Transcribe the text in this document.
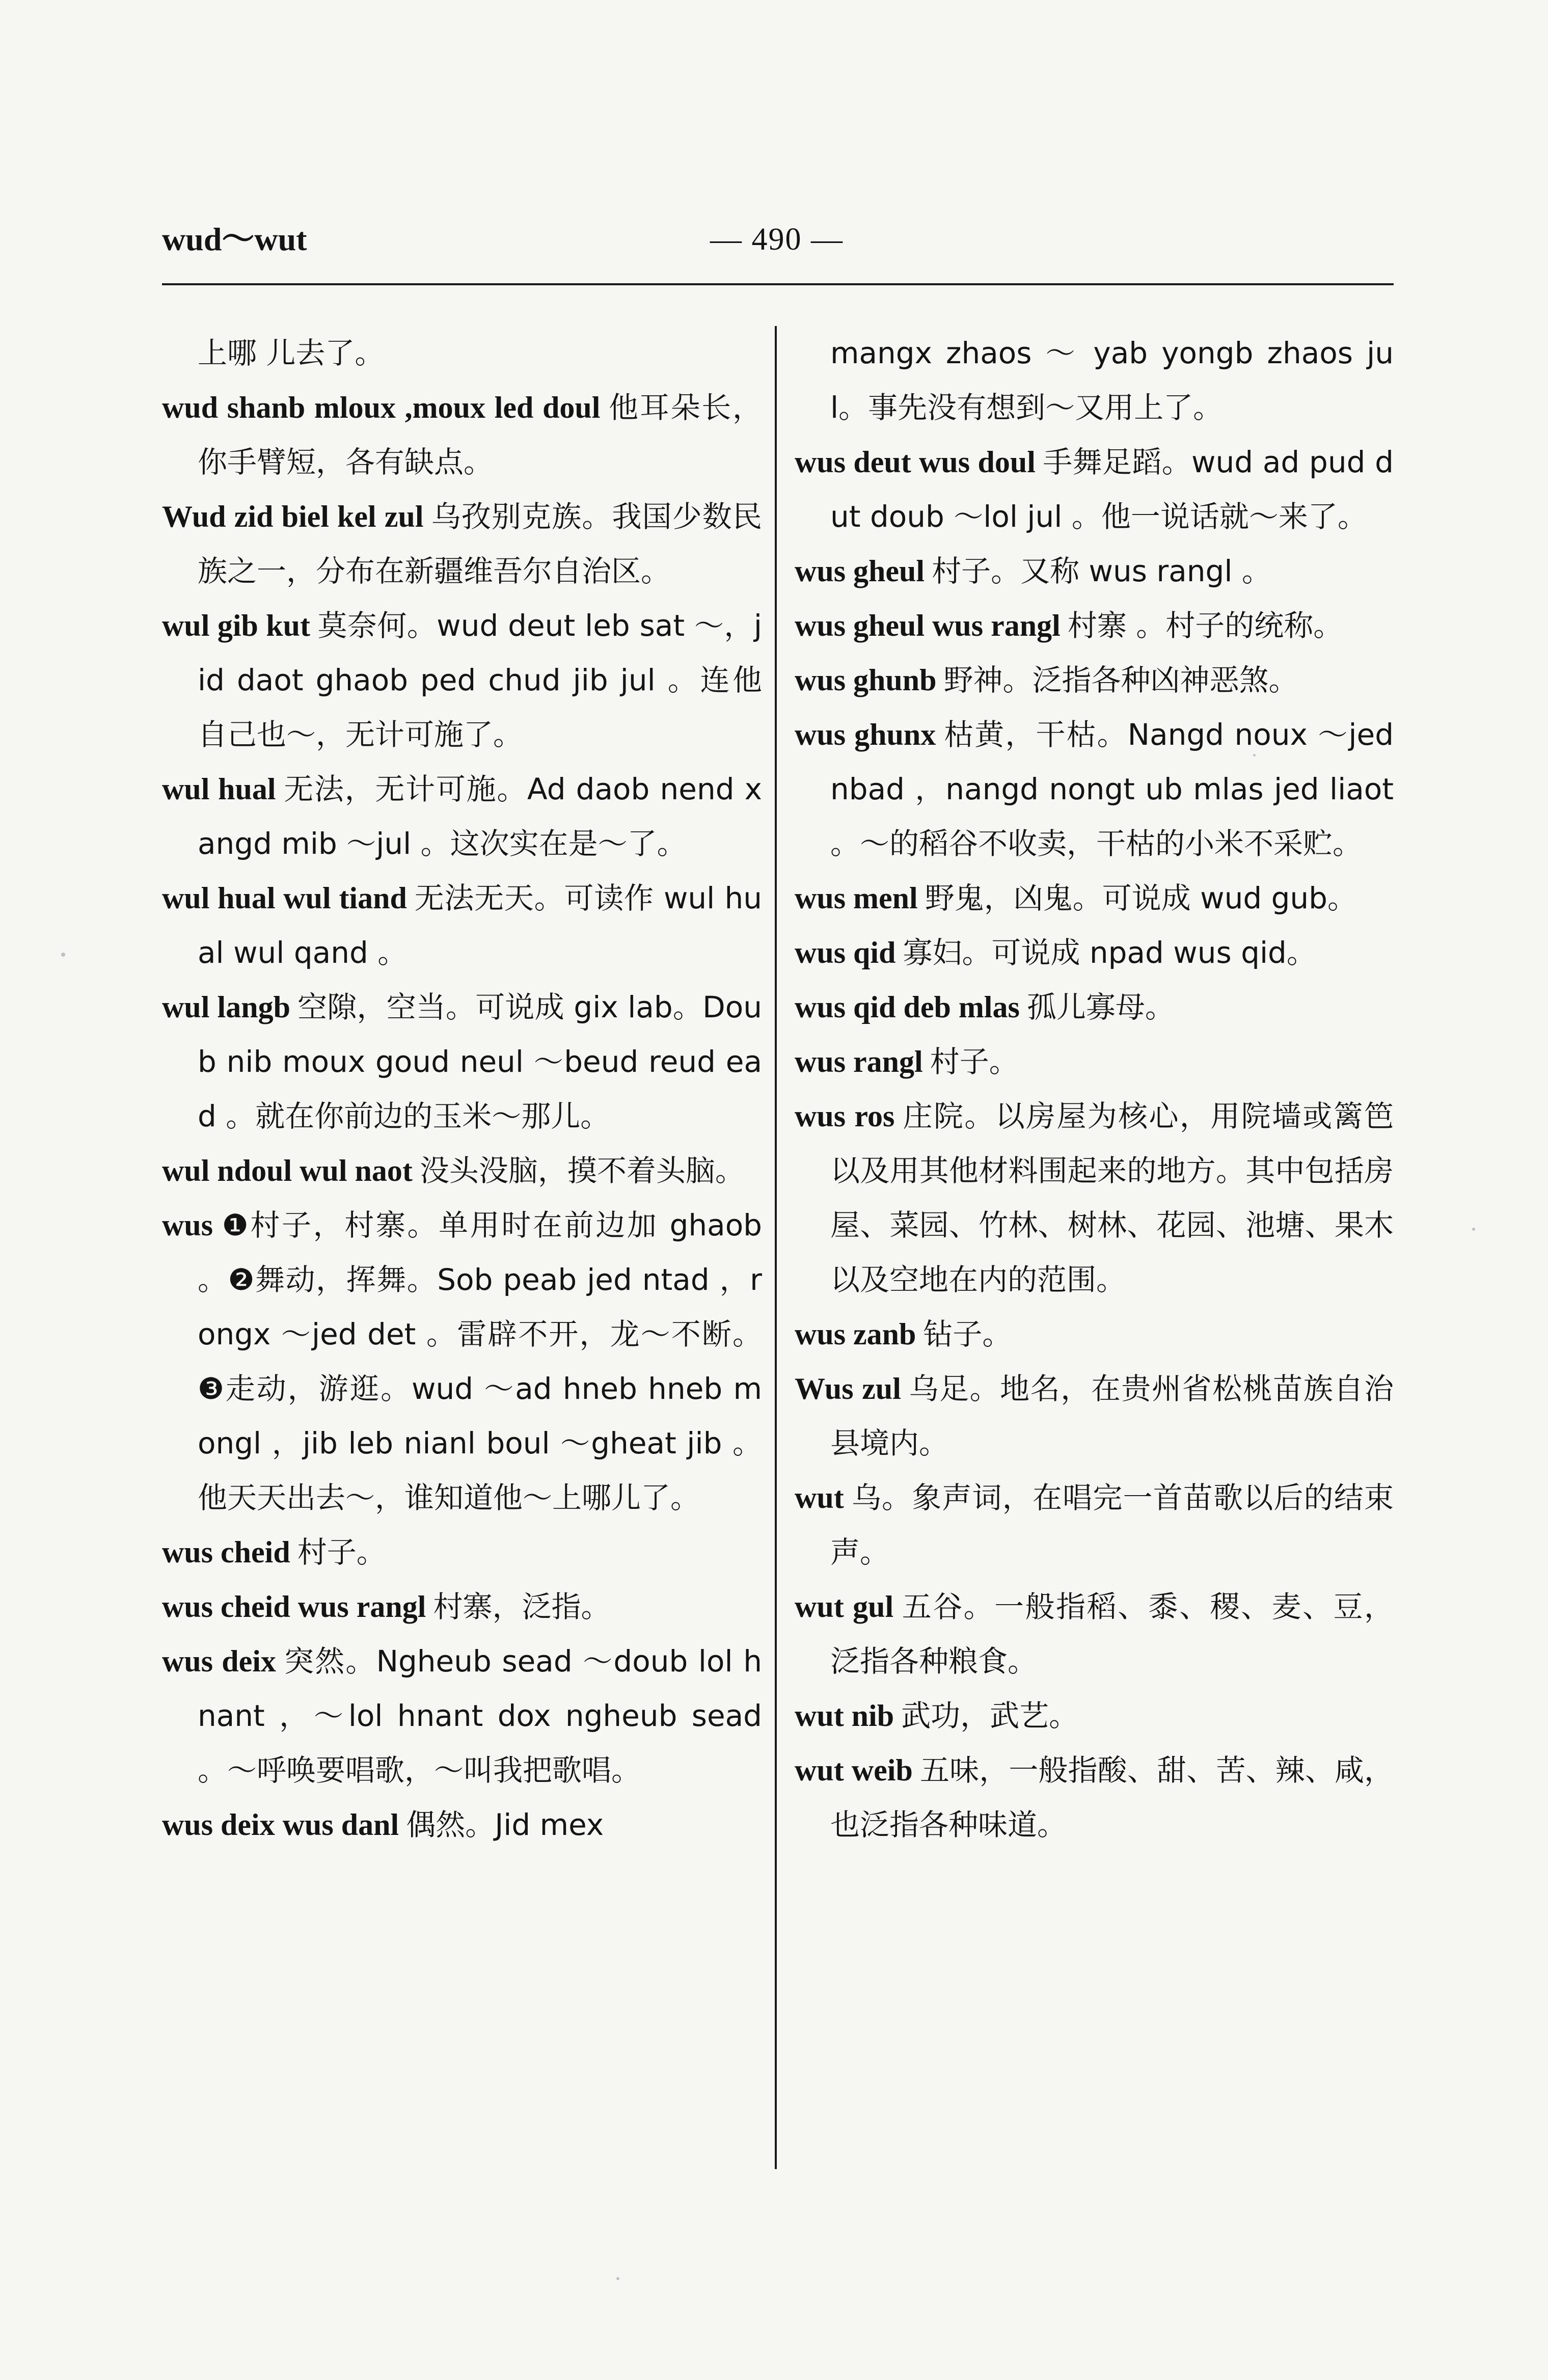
wud～wut	— 490 —

上哪 儿去了。

wud shanb mloux ,moux led doul 他耳朵长，你手臂短，各有缺点。

Wud zid biel kel zul 乌孜别克族。我国少数民族之一，分布在新疆维吾尔自治区。

wul gib kut 莫奈何。wud deut leb sat ～，jid daot ghaob ped chud jib jul 。连他自己也～，无计可施了。

wul hual 无法，无计可施。Ad daob nend xangd mib ～jul 。这次实在是～了。

wul hual wul tiand 无法无天。可读作 wul hual wul qand 。

wul langb 空隙，空当。可说成 gix lab。Doub nib moux goud neul ～beud reud ead 。就在你前边的玉米～那儿。

wul ndoul wul naot 没头没脑，摸不着头脑。

wus ❶村子，村寨。单用时在前边加 ghaob 。❷舞动，挥舞。Sob peab jed ntad ，rongx ～jed det 。雷辟不开，龙～不断。❸走动，游逛。wud ～ad hneb hneb mongl ，jib leb nianl boul ～gheat jib 。他天天出去～，谁知道他～上哪儿了。

wus cheid 村子。

wus cheid wus rangl 村寨，泛指。

wus deix 突然。Ngheub sead ～doub lol hnant ，～lol hnant dox ngheub sead 。～呼唤要唱歌，～叫我把歌唱。

wus deix wus danl 偶然。Jid mex

mangx zhaos ～ yab yongb zhaos jul。事先没有想到～又用上了。

wus deut wus doul 手舞足蹈。wud ad pud dut doub ～lol jul 。他一说话就～来了。

wus gheul 村子。又称 wus rangl 。

wus gheul wus rangl 村寨 。村子的统称。

wus ghunb 野神。泛指各种凶神恶煞。

wus ghunx 枯黄，干枯。Nangd noux ～jed nbad ，nangd nongt ub mlas jed liaot 。～的稻谷不收卖，干枯的小米不采贮。

wus menl 野鬼，凶鬼。可说成 wud gub。

wus qid 寡妇。可说成 npad wus qid。

wus qid deb mlas 孤儿寡母。

wus rangl 村子。

wus ros 庄院。以房屋为核心，用院墙或篱笆以及用其他材料围起来的地方。其中包括房屋、菜园、竹林、树林、花园、池塘、果木以及空地在内的范围。

wus zanb 钻子。

Wus zul 乌足。地名，在贵州省松桃苗族自治县境内。

wut 乌。象声词，在唱完一首苗歌以后的结束声。

wut gul 五谷。一般指稻、黍、稷、麦、豆，泛指各种粮食。

wut nib 武功，武艺。

wut weib 五味，一般指酸、甜、苦、辣、咸，也泛指各种味道。
